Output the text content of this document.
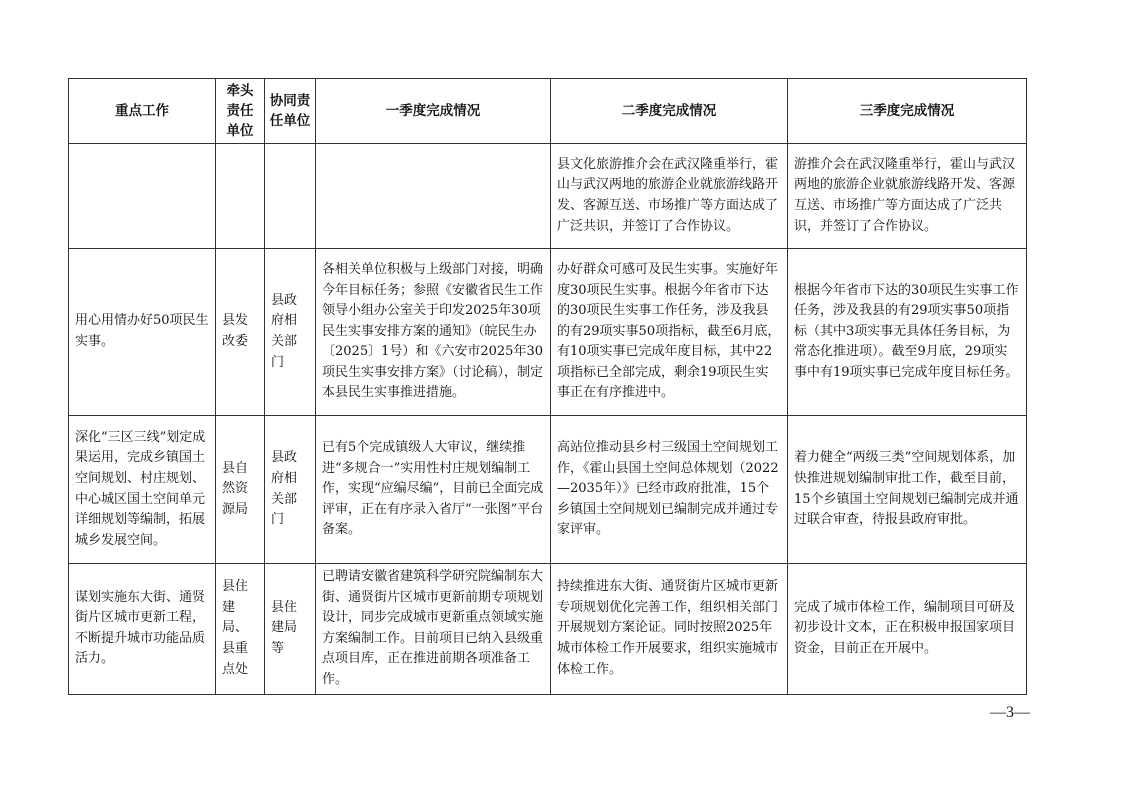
重点工作	牵头责任单位	协同责任单位	一季度完成情况	二季度完成情况	三季度完成情况
				县文化旅游推介会在武汉隆重举行，霍山与武汉两地的旅游企业就旅游线路开发、客源互送、市场推广等方面达成了广泛共识，并签订了合作协议。	游推介会在武汉隆重举行，霍山与武汉两地的旅游企业就旅游线路开发、客源互送、市场推广等方面达成了广泛共识，并签订了合作协议。
用心用情办好50项民生实事。	县发改委	县政府相关部门	各相关单位积极与上级部门对接，明确今年目标任务；参照《安徽省民生工作领导小组办公室关于印发2025年30项民生实事安排方案的通知》（皖民生办〔2025〕1号）和《六安市2025年30项民生实事安排方案》（讨论稿），制定本县民生实事推进措施。	办好群众可感可及民生实事。实施好年度30项民生实事。根据今年省市下达的30项民生实事工作任务，涉及我县的有29项实事50项指标，截至6月底，有10项实事已完成年度目标，其中22项指标已全部完成，剩余19项民生实事正在有序推进中。	根据今年省市下达的30项民生实事工作任务，涉及我县的有29项实事50项指标（其中3项实事无具体任务目标，为常态化推进项）。截至9月底，29项实事中有19项实事已完成年度目标任务。
深化“三区三线”划定成果运用，完成乡镇国土空间规划、村庄规划、中心城区国土空间单元详细规划等编制，拓展城乡发展空间。	县自然资源局	县政府相关部门	已有5个完成镇级人大审议，继续推进“多规合一”实用性村庄规划编制工作，实现“应编尽编”，目前已全面完成评审，正在有序录入省厅“一张图”平台备案。	高站位推动县乡村三级国土空间规划工作，《霍山县国土空间总体规划（2022—2035年）》已经市政府批准，15个乡镇国土空间规划已编制完成并通过专家评审。	着力健全“两级三类”空间规划体系，加快推进规划编制审批工作，截至目前，15个乡镇国土空间规划已编制完成并通过联合审查，待报县政府审批。
谋划实施东大街、通贤街片区城市更新工程，不断提升城市功能品质活力。	县住建局、县重点处	县住建局等	已聘请安徽省建筑科学研究院编制东大街、通贤街片区城市更新前期专项规划设计，同步完成城市更新重点领域实施方案编制工作。目前项目已纳入县级重点项目库，正在推进前期各项准备工作。	持续推进东大街、通贤街片区城市更新专项规划优化完善工作，组织相关部门开展规划方案论证。同时按照2025年城市体检工作开展要求，组织实施城市体检工作。	完成了城市体检工作，编制项目可研及初步设计文本，正在积极申报国家项目资金，目前正在开展中。
—3—
